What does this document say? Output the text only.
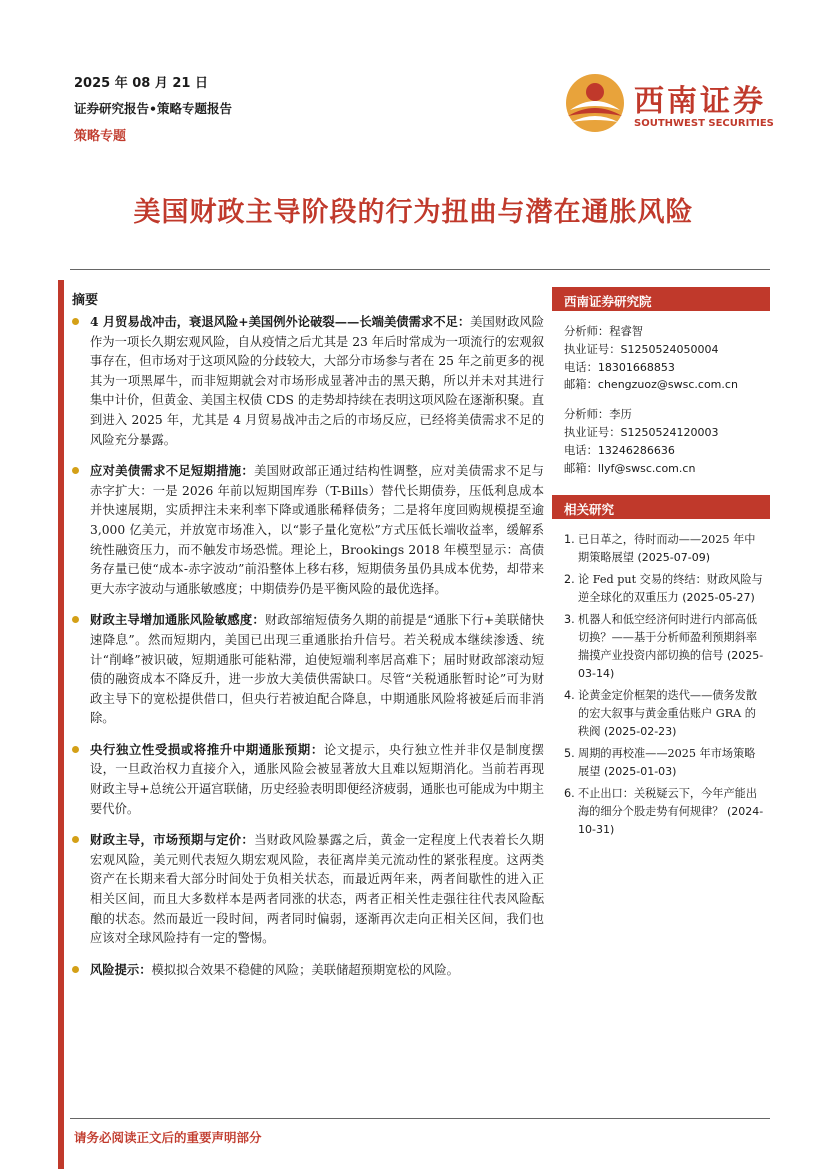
2025 年 08 月 21 日
证券研究报告•策略专题报告
策略专题
西南证券
SOUTHWEST SECURITIES
美国财政主导阶段的行为扭曲与潜在通胀风险
摘要
4 月贸易战冲击，衰退风险+美国例外论破裂——长端美债需求不足：美国财政风险作为一项长久期宏观风险，自从疫情之后尤其是 23 年后时常成为一项流行的宏观叙事存在，但市场对于这项风险的分歧较大，大部分市场参与者在 25 年之前更多的视其为一项黑犀牛，而非短期就会对市场形成显著冲击的黑天鹅，所以并未对其进行集中计价，但黄金、美国主权债 CDS 的走势却持续在表明这项风险在逐渐积聚。直到进入 2025 年，尤其是 4 月贸易战冲击之后的市场反应，已经将美债需求不足的风险充分暴露。
应对美债需求不足短期措施：美国财政部正通过结构性调整，应对美债需求不足与赤字扩大：一是 2026 年前以短期国库券（T-Bills）替代长期债券，压低利息成本并快速展期，实质押注未来利率下降或通胀稀释债务；二是将年度回购规模提至逾 3,000 亿美元，并放宽市场准入，以“影子量化宽松”方式压低长端收益率，缓解系统性融资压力，而不触发市场恐慌。理论上，Brookings 2018 年模型显示：高债务存量已使“成本-赤字波动”前沿整体上移右移，短期债务虽仍具成本优势，却带来更大赤字波动与通胀敏感度；中期债券仍是平衡风险的最优选择。
财政主导增加通胀风险敏感度：财政部缩短债务久期的前提是“通胀下行+美联储快速降息”。然而短期内，美国已出现三重通胀抬升信号。若关税成本继续渗透、统计“削峰”被识破，短期通胀可能粘滞，迫使短端利率居高难下；届时财政部滚动短债的融资成本不降反升，进一步放大美债供需缺口。尽管“关税通胀暂时论”可为财政主导下的宽松提供借口，但央行若被迫配合降息，中期通胀风险将被延后而非消除。
央行独立性受损或将推升中期通胀预期：论文提示，央行独立性并非仅是制度摆设，一旦政治权力直接介入，通胀风险会被显著放大且难以短期消化。当前若再现财政主导+总统公开逼宫联储，历史经验表明即便经济疲弱，通胀也可能成为中期主要代价。
财政主导，市场预期与定价：当财政风险暴露之后，黄金一定程度上代表着长久期宏观风险，美元则代表短久期宏观风险，表征离岸美元流动性的紧张程度。这两类资产在长期来看大部分时间处于负相关状态，而最近两年来，两者间歇性的进入正相关区间，而且大多数样本是两者同涨的状态，两者正相关性走强往往代表风险酝酿的状态。然而最近一段时间，两者同时偏弱，逐渐再次走向正相关区间，我们也应该对全球风险持有一定的警惕。
风险提示：模拟拟合效果不稳健的风险；美联储超预期宽松的风险。
西南证券研究院
分析师：程睿智
执业证号：S1250524050004
电话：18301668853
邮箱：chengzuoz@swsc.com.cn
分析师：李历
执业证号：S1250524120003
电话：13246286636
邮箱：llyf@swsc.com.cn
相关研究
1. 已日革之，待时而动——2025 年中期策略展望 (2025-07-09)
2. 论 Fed put 交易的终结：财政风险与逆全球化的双重压力 (2025-05-27)
3. 机器人和低空经济何时进行内部高低切换？——基于分析师盈利预期斜率揣摸产业投资内部切换的信号 (2025-03-14)
4. 论黄金定价框架的迭代——债务发散的宏大叙事与黄金重估账户 GRA 的秩阀 (2025-02-23)
5. 周期的再校准——2025 年市场策略展望 (2025-01-03)
6. 不止出口：关税疑云下，今年产能出海的细分个股走势有何规律？ (2024-10-31)
请务必阅读正文后的重要声明部分
